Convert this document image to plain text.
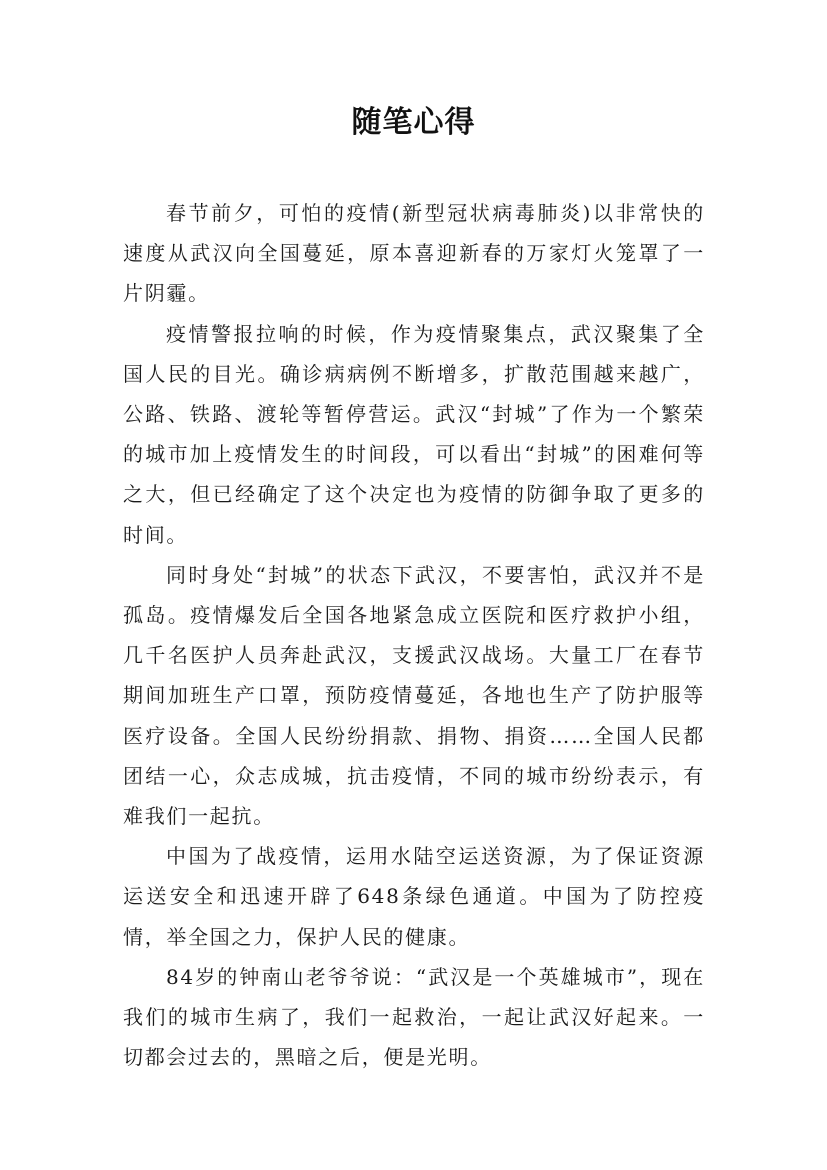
随笔心得

春节前夕，可怕的疫情(新型冠状病毒肺炎)以非常快的速度从武汉向全国蔓延，原本喜迎新春的万家灯火笼罩了一片阴霾。

疫情警报拉响的时候，作为疫情聚集点，武汉聚集了全国人民的目光。确诊病病例不断增多，扩散范围越来越广，公路、铁路、渡轮等暂停营运。武汉“封城”了作为一个繁荣的城市加上疫情发生的时间段，可以看出“封城”的困难何等之大，但已经确定了这个决定也为疫情的防御争取了更多的时间。

同时身处“封城”的状态下武汉，不要害怕，武汉并不是孤岛。疫情爆发后全国各地紧急成立医院和医疗救护小组，几千名医护人员奔赴武汉，支援武汉战场。大量工厂在春节期间加班生产口罩，预防疫情蔓延，各地也生产了防护服等医疗设备。全国人民纷纷捐款、捐物、捐资……全国人民都团结一心，众志成城，抗击疫情，不同的城市纷纷表示，有难我们一起抗。

中国为了战疫情，运用水陆空运送资源，为了保证资源运送安全和迅速开辟了648条绿色通道。中国为了防控疫情，举全国之力，保护人民的健康。

84岁的钟南山老爷爷说：“武汉是一个英雄城市”，现在我们的城市生病了，我们一起救治，一起让武汉好起来。一切都会过去的，黑暗之后，便是光明。
